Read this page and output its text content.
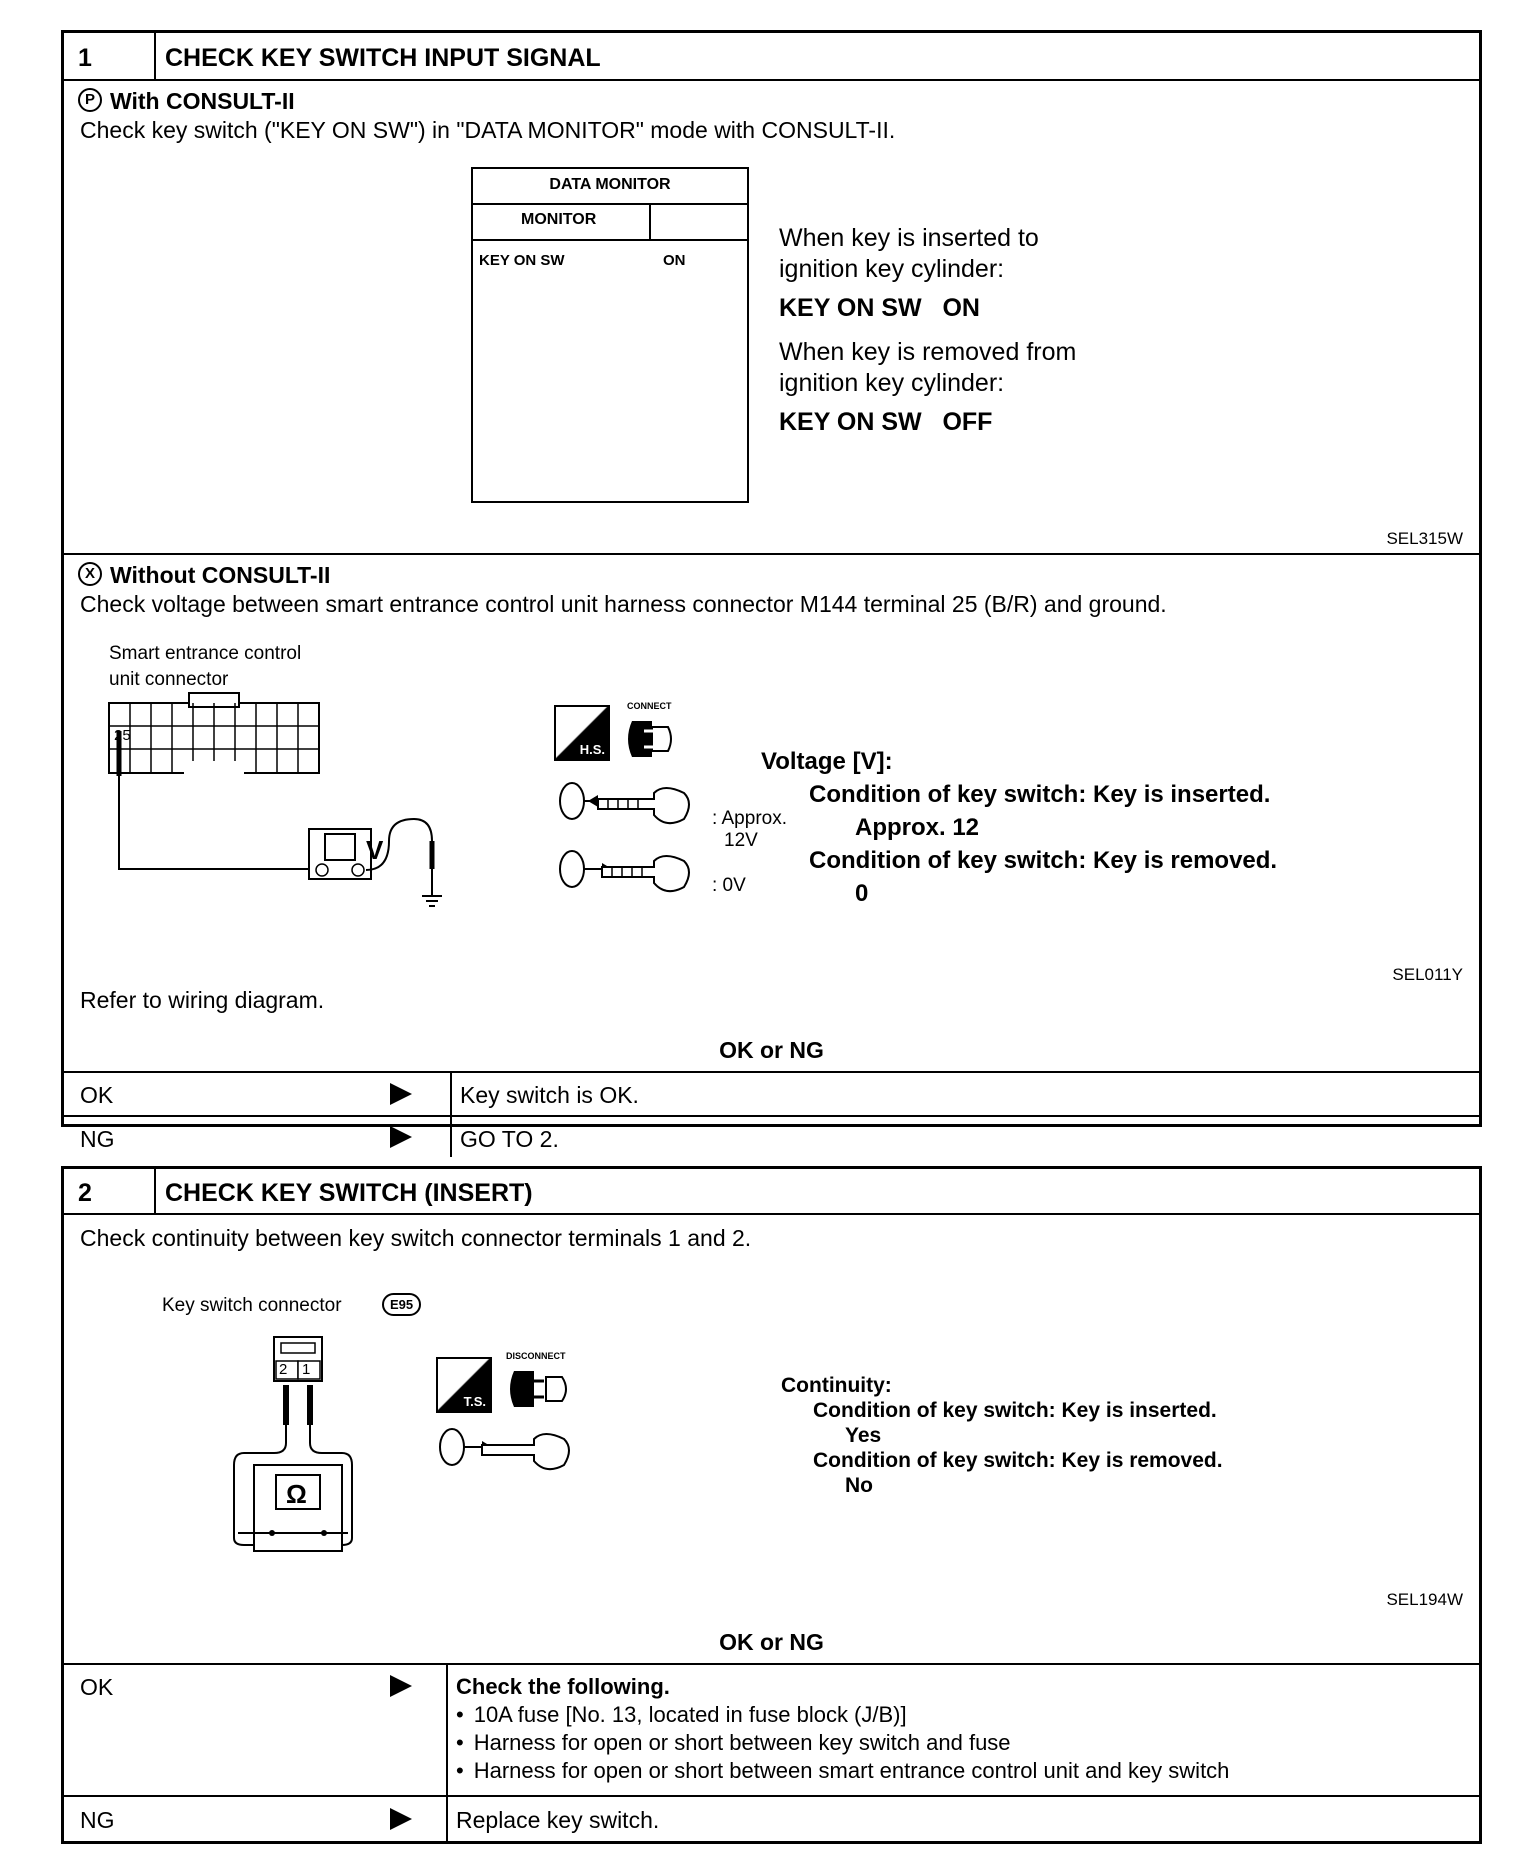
1	CHECK KEY SWITCH INPUT SIGNAL
P With CONSULT-II
Check key switch ("KEY ON SW") in "DATA MONITOR" mode with CONSULT-II.
DATA MONITOR
MONITOR
KEY ON SW	ON
When key is inserted to
ignition key cylinder:
KEY ON SW   ON
When key is removed from
ignition key cylinder:
KEY ON SW   OFF
SEL315W
X Without CONSULT-II
Check voltage between smart entrance control unit harness connector M144 terminal 25 (B/R) and ground.
Smart entrance control
unit connector
25
V
H.S.
CONNECT
: Approx.
12V
: 0V
Voltage [V]:
Condition of key switch: Key is inserted.
Approx. 12
Condition of key switch: Key is removed.
0
SEL011Y
Refer to wiring diagram.
OK or NG
OK	Key switch is OK.
NG	GO TO 2.
2	CHECK KEY SWITCH (INSERT)
Check continuity between key switch connector terminals 1 and 2.
Key switch connector	E95
2 1
Ω
T.S.
DISCONNECT
Continuity:
Condition of key switch: Key is inserted.
Yes
Condition of key switch: Key is removed.
No
SEL194W
OK or NG
OK	Check the following.
• 10A fuse [No. 13, located in fuse block (J/B)]
• Harness for open or short between key switch and fuse
• Harness for open or short between smart entrance control unit and key switch
NG	Replace key switch.
